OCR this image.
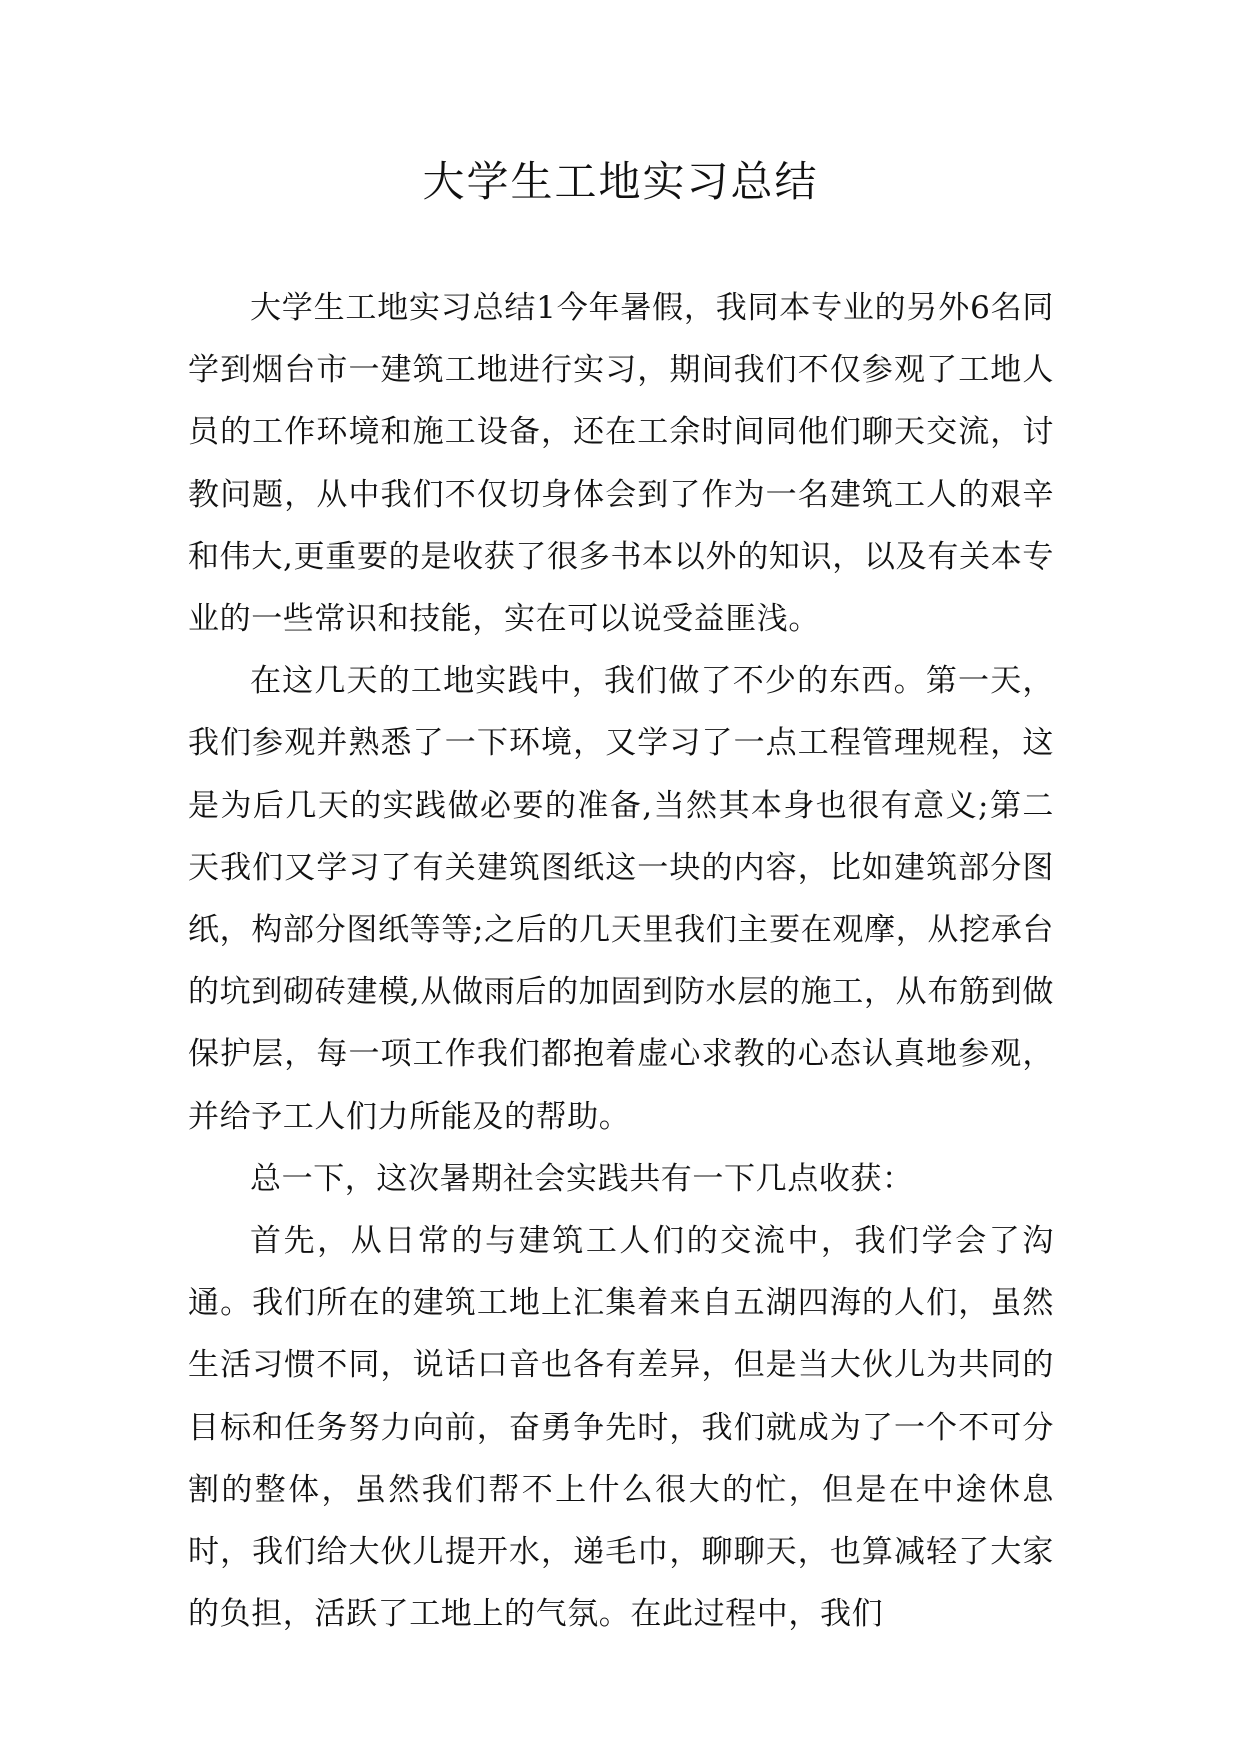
大学生工地实习总结

大学生工地实习总结1今年暑假，我同本专业的另外6名同学到烟台市一建筑工地进行实习，期间我们不仅参观了工地人员的工作环境和施工设备，还在工余时间同他们聊天交流，讨教问题，从中我们不仅切身体会到了作为一名建筑工人的艰辛和伟大,更重要的是收获了很多书本以外的知识，以及有关本专业的一些常识和技能，实在可以说受益匪浅。

在这几天的工地实践中，我们做了不少的东西。第一天，我们参观并熟悉了一下环境，又学习了一点工程管理规程，这是为后几天的实践做必要的准备,当然其本身也很有意义;第二天我们又学习了有关建筑图纸这一块的内容，比如建筑部分图纸，构部分图纸等等;之后的几天里我们主要在观摩，从挖承台的坑到砌砖建模,从做雨后的加固到防水层的施工，从布筋到做保护层，每一项工作我们都抱着虚心求教的心态认真地参观，并给予工人们力所能及的帮助。

总一下，这次暑期社会实践共有一下几点收获：

首先，从日常的与建筑工人们的交流中，我们学会了沟通。我们所在的建筑工地上汇集着来自五湖四海的人们，虽然生活习惯不同，说话口音也各有差异，但是当大伙儿为共同的目标和任务努力向前，奋勇争先时，我们就成为了一个不可分割的整体，虽然我们帮不上什么很大的忙，但是在中途休息时，我们给大伙儿提开水，递毛巾，聊聊天，也算减轻了大家的负担，活跃了工地上的气氛。在此过程中，我们
